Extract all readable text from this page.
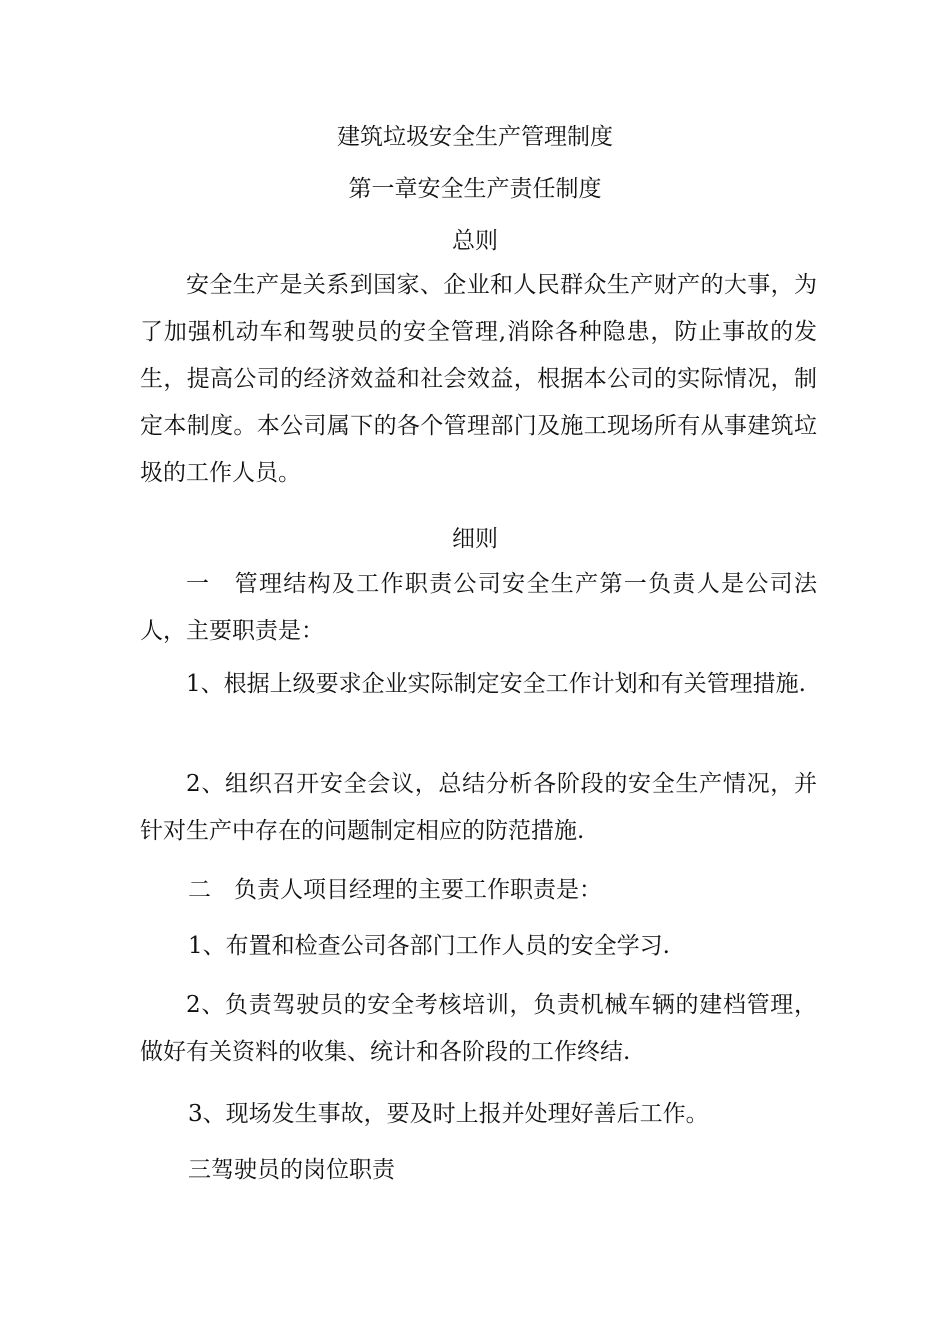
建筑垃圾安全生产管理制度
第一章安全生产责任制度
总则
安全生产是关系到国家、企业和人民群众生产财产的大事，为了加强机动车和驾驶员的安全管理,消除各种隐患，防止事故的发生，提高公司的经济效益和社会效益，根据本公司的实际情况，制定本制度。本公司属下的各个管理部门及施工现场所有从事建筑垃圾的工作人员。
细则
一　管理结构及工作职责公司安全生产第一负责人是公司法人，主要职责是：
1、根据上级要求企业实际制定安全工作计划和有关管理措施.
2、组织召开安全会议，总结分析各阶段的安全生产情况，并针对生产中存在的问题制定相应的防范措施.
二　负责人项目经理的主要工作职责是：
1、布置和检查公司各部门工作人员的安全学习.
2、负责驾驶员的安全考核培训，负责机械车辆的建档管理，做好有关资料的收集、统计和各阶段的工作终结.
3、现场发生事故，要及时上报并处理好善后工作。
三驾驶员的岗位职责
